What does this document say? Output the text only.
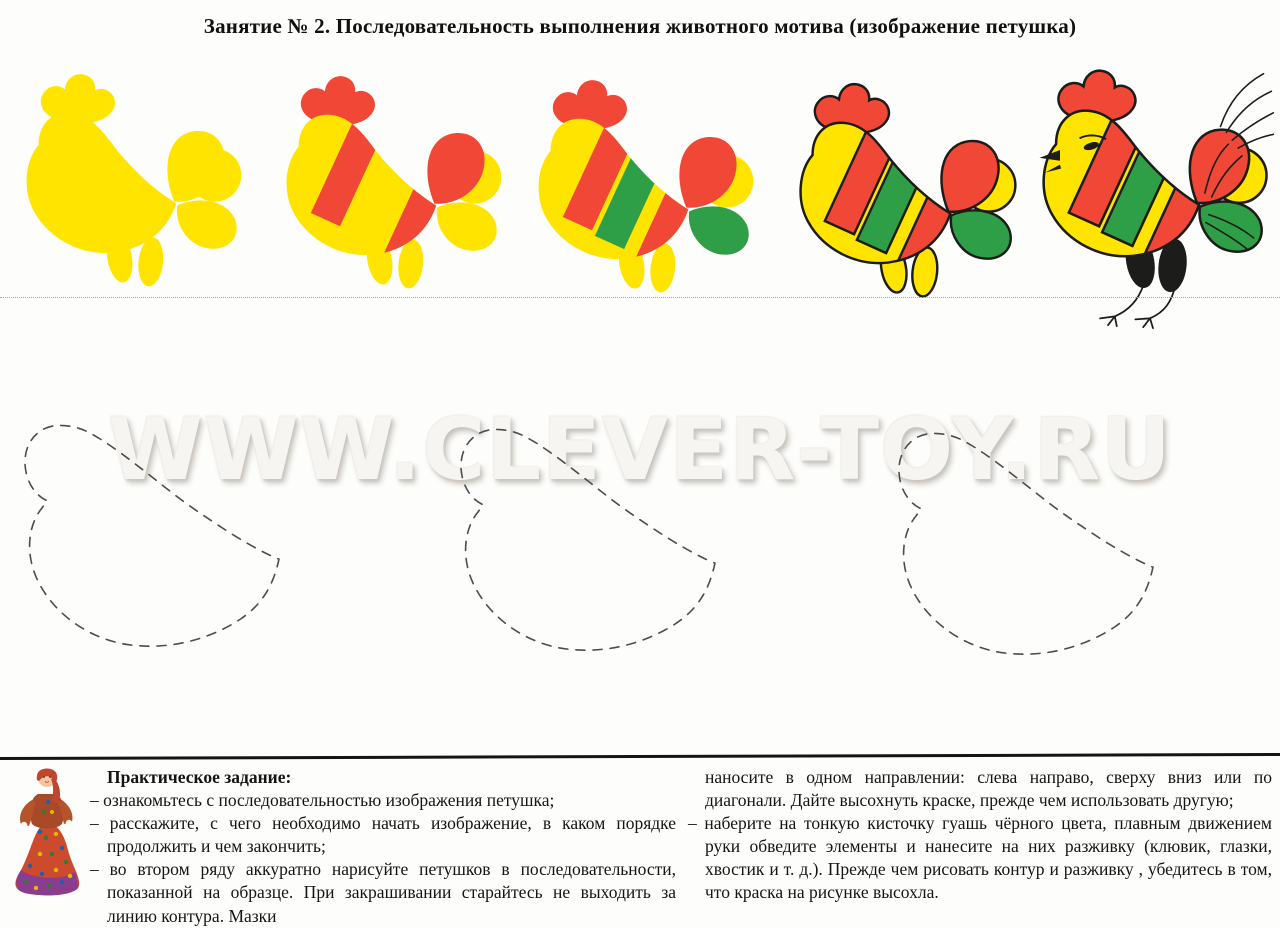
Занятие № 2. Последовательность выполнения животного мотива (изображение петушка)
WWW.CLEVER-TOY.RU
Практическое задание:
– ознакомьтесь с последовательностью изображения петушка;
– расскажите, с чего необходимо начать изображение, в каком порядке продолжить и чем закончить;
– во втором ряду аккуратно нарисуйте петушков в последовательности, показанной на образце. При закрашивании старайтесь не выходить за линию контура. Мазки
наносите в одном направлении: слева направо, сверху вниз или по диагонали. Дайте высохнуть краске, прежде чем использовать другую;
– наберите на тонкую кисточку гуашь чёрного цвета, плавным движением руки обведите элементы и нанесите на них разживку (клювик, глазки, хвостик и т. д.). Прежде чем рисовать контур и разживку , убедитесь в том, что краска на рисунке высохла.
